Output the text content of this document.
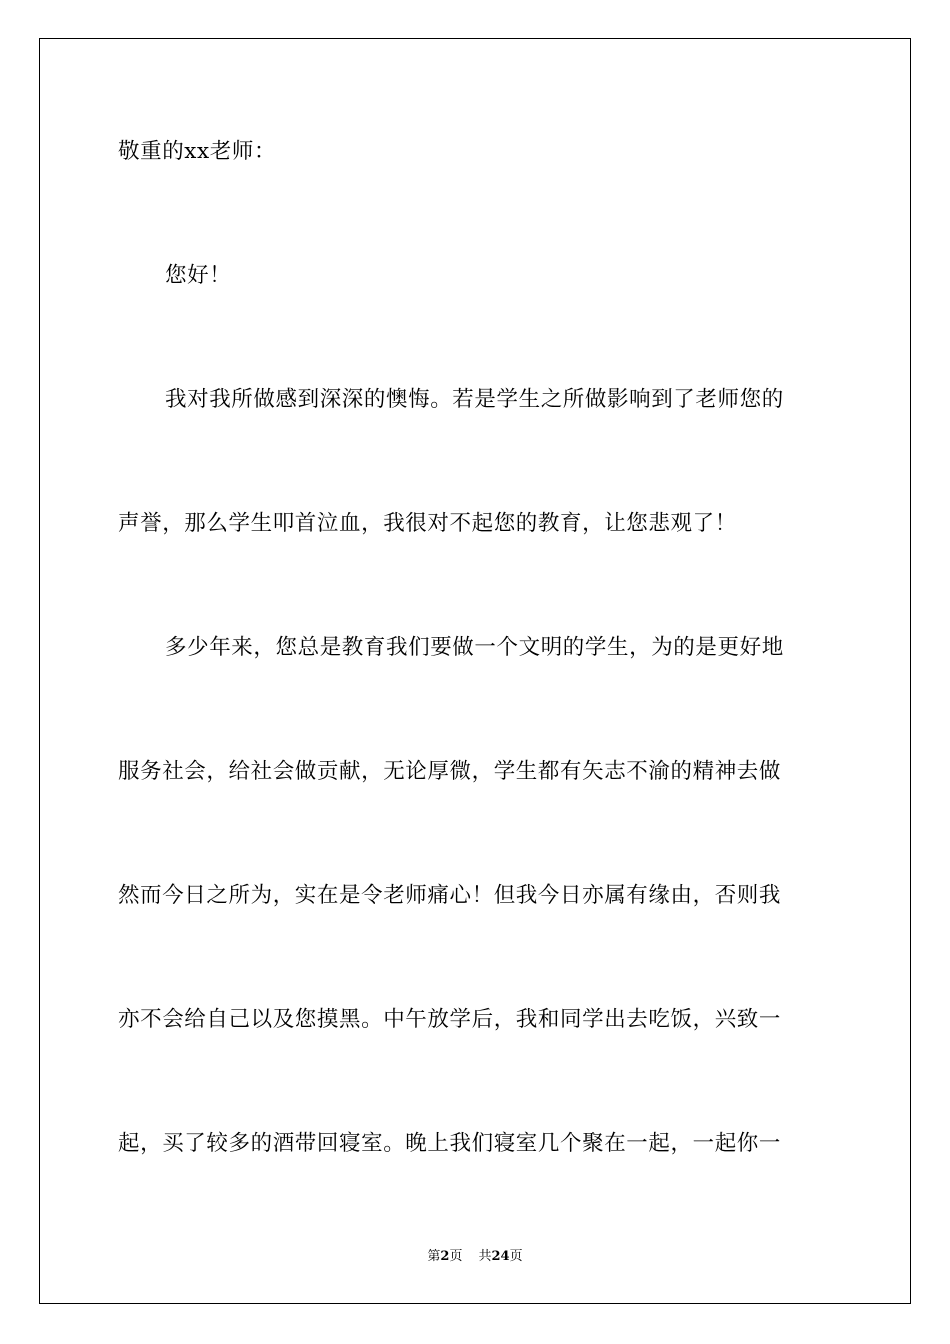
敬重的xx老师：
您好！
我对我所做感到深深的懊悔。若是学生之所做影响到了老师您的
声誉，那么学生叩首泣血，我很对不起您的教育，让您悲观了！
多少年来，您总是教育我们要做一个文明的学生，为的是更好地
服务社会，给社会做贡献，无论厚微，学生都有矢志不渝的精神去做
然而今日之所为，实在是令老师痛心！但我今日亦属有缘由，否则我
亦不会给自己以及您摸黑。中午放学后，我和同学出去吃饭，兴致一
起，买了较多的酒带回寝室。晚上我们寝室几个聚在一起，一起你一
第2页 共24页
